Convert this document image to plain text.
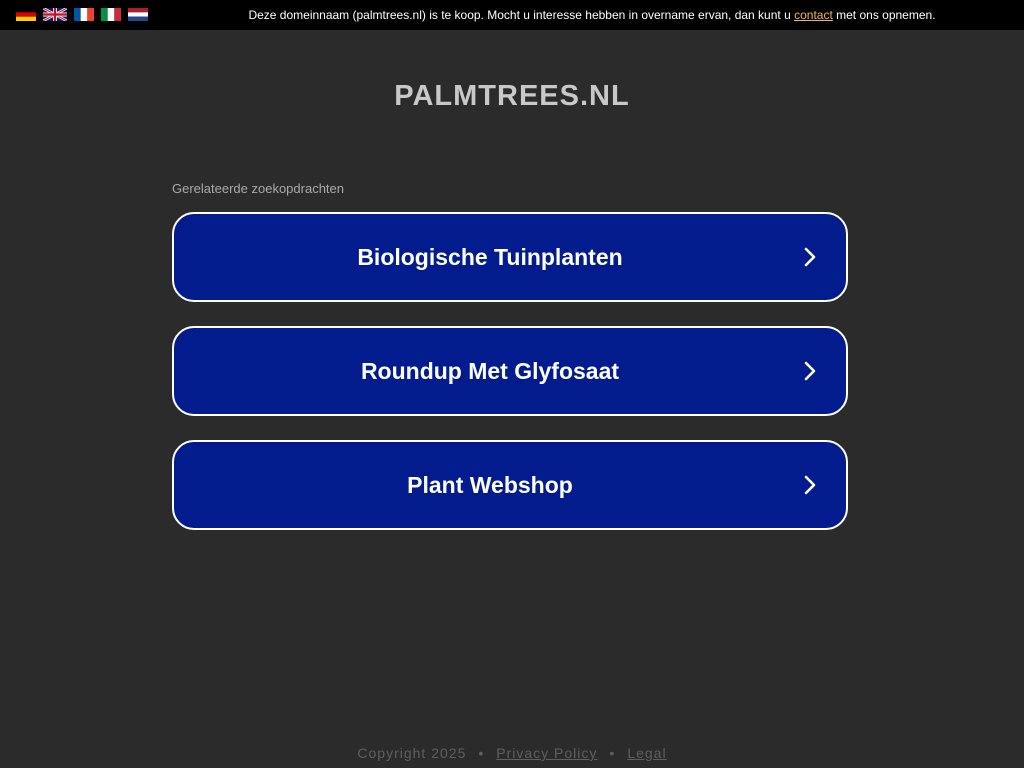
Deze domeinnaam (palmtrees.nl) is te koop. Mocht u interesse hebben in overname ervan, dan kunt u contact met ons opnemen.
PALMTREES.NL
Gerelateerde zoekopdrachten
Biologische Tuinplanten
Roundup Met Glyfosaat
Plant Webshop
Copyright 2025 • Privacy Policy • Legal
